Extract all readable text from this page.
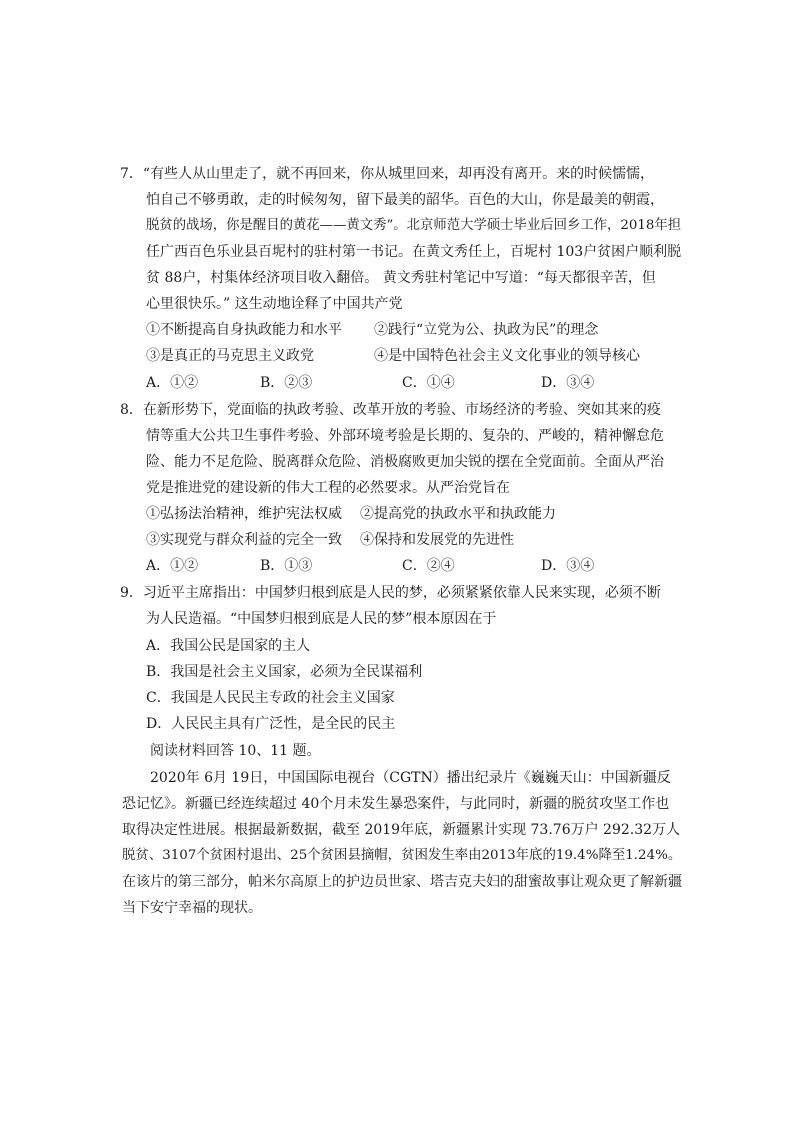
7．“有些人从山里走了，就不再回来，你从城里回来，却再没有离开。来的时候懦懦，
怕自己不够勇敢，走的时候匆匆，留下最美的韶华。百色的大山，你是最美的朝霞，
脱贫的战场，你是醒目的黄花——黄文秀”。北京师范大学硕士毕业后回乡工作，2018年担
任广西百色乐业县百坭村的驻村第一书记。在黄文秀任上，百坭村 103户贫困户顺利脱
贫 88户，村集体经济项目收入翻倍。 黄文秀驻村笔记中写道：“每天都很辛苦，但
心里很快乐。” 这生动地诠释了中国共产党
①不断提高自身执政能力和水平 ②践行“立党为公、执政为民”的理念
③是真正的马克思主义政党	④是中国特色社会主义文化事业的领导核心
A．①②	B．②③	C．①④	D．③④
8．在新形势下，党面临的执政考验、改革开放的考验、市场经济的考验、突如其来的疫
情等重大公共卫生事件考验、外部环境考验是长期的、复杂的、严峻的，精神懈怠危
险、能力不足危险、脱离群众危险、消极腐败更加尖锐的摆在全党面前。全面从严治
党是推进党的建设新的伟大工程的必然要求。从严治党旨在
①弘扬法治精神，维护宪法权威 ②提高党的执政水平和执政能力
③实现党与群众利益的完全一致 ④保持和发展党的先进性
A．①②	B．①③	C．②④	D．③④
9．习近平主席指出：中国梦归根到底是人民的梦，必须紧紧依靠人民来实现，必须不断
为人民造福。“中国梦归根到底是人民的梦”根本原因在于
A．我国公民是国家的主人
B．我国是社会主义国家，必须为全民谋福利
C．我国是人民民主专政的社会主义国家
D．人民民主具有广泛性，是全民的民主
阅读材料回答 10、11 题。
2020年 6月 19日，中国国际电视台（CGTN）播出纪录片《巍巍天山：中国新疆反
恐记忆》。新疆已经连续超过 40个月未发生暴恐案件，与此同时，新疆的脱贫攻坚工作也
取得决定性进展。根据最新数据，截至 2019年底，新疆累计实现 73.76万户 292.32万人
脱贫、3107个贫困村退出、25个贫困县摘帽，贫困发生率由2013年底的19.4%降至1.24%。
在该片的第三部分，帕米尔高原上的护边员世家、塔吉克夫妇的甜蜜故事让观众更了解新疆
当下安宁幸福的现状。
